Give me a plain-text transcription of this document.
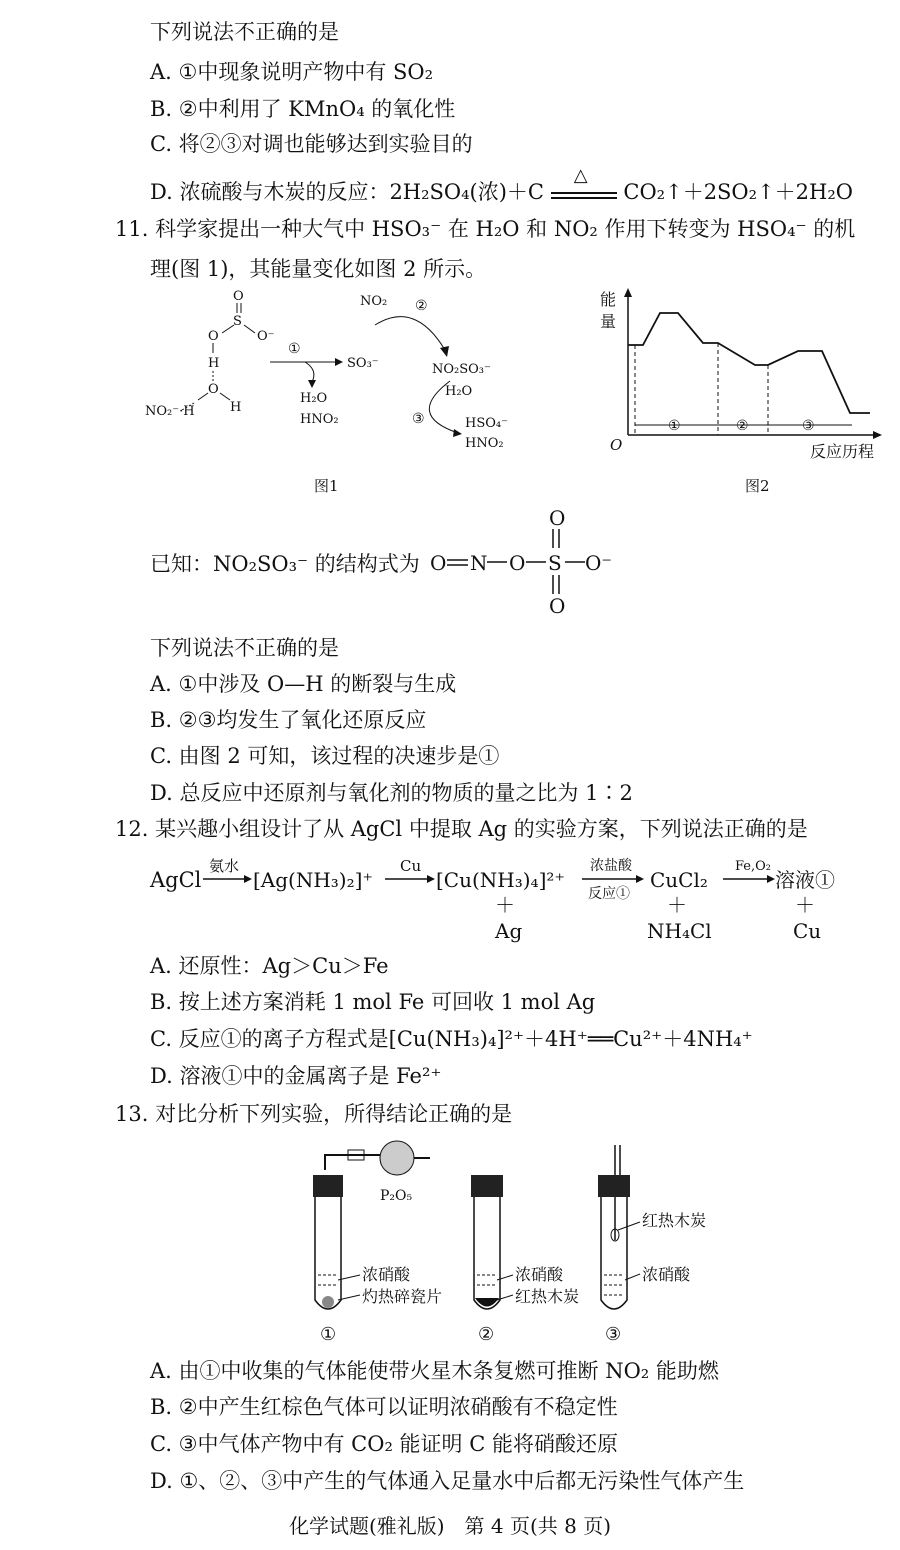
下列说法不正确的是
A. ①中现象说明产物中有 SO₂
B. ②中利用了 KMnO₄ 的氧化性
C. 将②③对调也能够达到实验目的
D. 浓硫酸与木炭的反应：2H₂SO₄(浓)＋C
△
CO₂↑＋2SO₂↑＋2H₂O
11. 科学家提出一种大气中 HSO₃⁻ 在 H₂O 和 NO₂ 作用下转变为 HSO₄⁻ 的机
理(图 1)，其能量变化如图 2 所示。
O
S
O⁻
O
H
O
H
NO₂⁻·H
①
H₂O
HNO₂
SO₃⁻
NO₂ ②
NO₂SO₃⁻
H₂O
③	HSO₄⁻
HNO₂
图1
能
量
O	反应历程
①	②	③
图2
已知：NO₂SO₃⁻ 的结构式为 O N O S O⁻
O
O
下列说法不正确的是
A. ①中涉及 O—H 的断裂与生成
B. ②③均发生了氧化还原反应
C. 由图 2 可知，该过程的决速步是①
D. 总反应中还原剂与氧化剂的物质的量之比为 1∶2
12. 某兴趣小组设计了从 AgCl 中提取 Ag 的实验方案，下列说法正确的是
AgCl
氨水
[Ag(NH₃)₂]⁺
Cu
[Cu(NH₃)₄]²⁺
浓盐酸
反应①
CuCl₂
Fe,O₂
溶液①
＋
Ag
＋
NH₄Cl
＋
Cu
A. 还原性：Ag＞Cu＞Fe
B. 按上述方案消耗 1 mol Fe 可回收 1 mol Ag
C. 反应①的离子方程式是[Cu(NH₃)₄]²⁺＋4H⁺══Cu²⁺＋4NH₄⁺
D. 溶液①中的金属离子是 Fe²⁺
13. 对比分析下列实验，所得结论正确的是
P₂O₅
浓硝酸
灼热碎瓷片
①
浓硝酸
红热木炭
②
红热木炭
浓硝酸
③
A. 由①中收集的气体能使带火星木条复燃可推断 NO₂ 能助燃
B. ②中产生红棕色气体可以证明浓硝酸有不稳定性
C. ③中气体产物中有 CO₂ 能证明 C 能将硝酸还原
D. ①、②、③中产生的气体通入足量水中后都无污染性气体产生
化学试题(雅礼版)　第 4 页(共 8 页)
